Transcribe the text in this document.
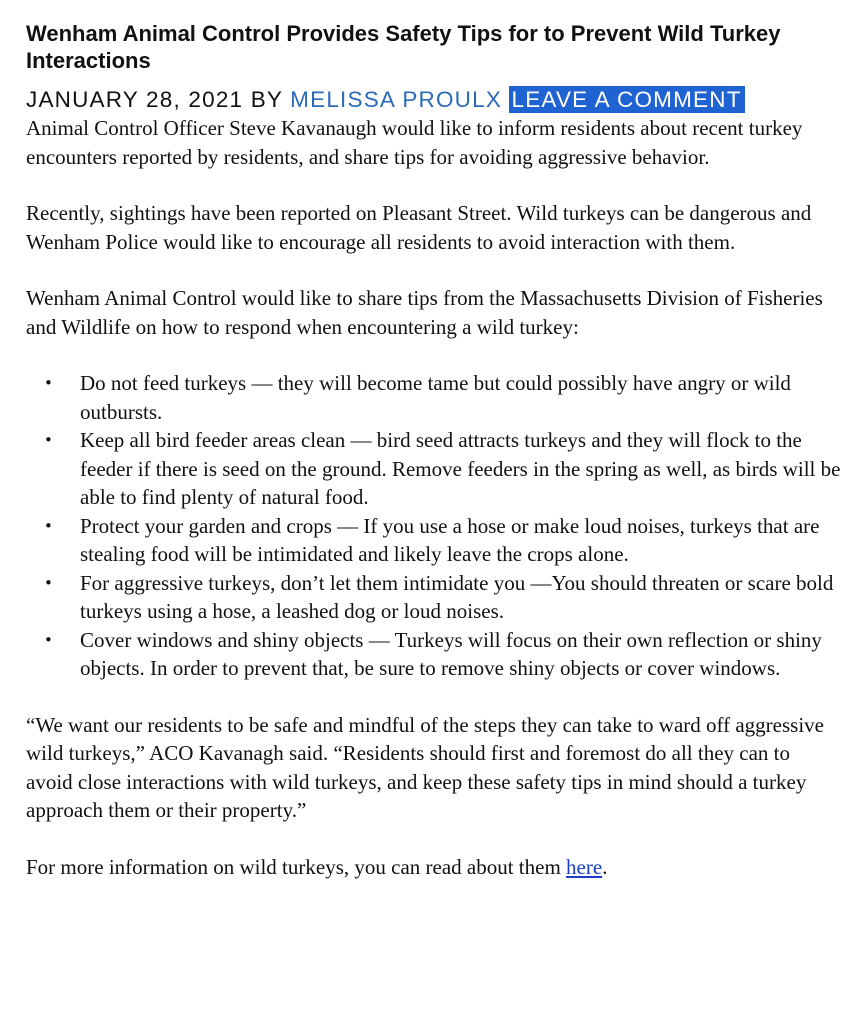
Wenham Animal Control Provides Safety Tips for to Prevent Wild Turkey Interactions
JANUARY 28, 2021 BY MELISSA PROULX LEAVE A COMMENT

Animal Control Officer Steve Kavanaugh would like to inform residents about recent turkey encounters reported by residents, and share tips for avoiding aggressive behavior.

Recently, sightings have been reported on Pleasant Street. Wild turkeys can be dangerous and Wenham Police would like to encourage all residents to avoid interaction with them.

Wenham Animal Control would like to share tips from the Massachusetts Division of Fisheries and Wildlife on how to respond when encountering a wild turkey:

• Do not feed turkeys — they will become tame but could possibly have angry or wild outbursts.
• Keep all bird feeder areas clean — bird seed attracts turkeys and they will flock to the feeder if there is seed on the ground. Remove feeders in the spring as well, as birds will be able to find plenty of natural food.
• Protect your garden and crops — If you use a hose or make loud noises, turkeys that are stealing food will be intimidated and likely leave the crops alone.
• For aggressive turkeys, don’t let them intimidate you —You should threaten or scare bold turkeys using a hose, a leashed dog or loud noises.
• Cover windows and shiny objects — Turkeys will focus on their own reflection or shiny objects. In order to prevent that, be sure to remove shiny objects or cover windows.

“We want our residents to be safe and mindful of the steps they can take to ward off aggressive wild turkeys,” ACO Kavanagh said. “Residents should first and foremost do all they can to avoid close interactions with wild turkeys, and keep these safety tips in mind should a turkey approach them or their property.”

For more information on wild turkeys, you can read about them here.
